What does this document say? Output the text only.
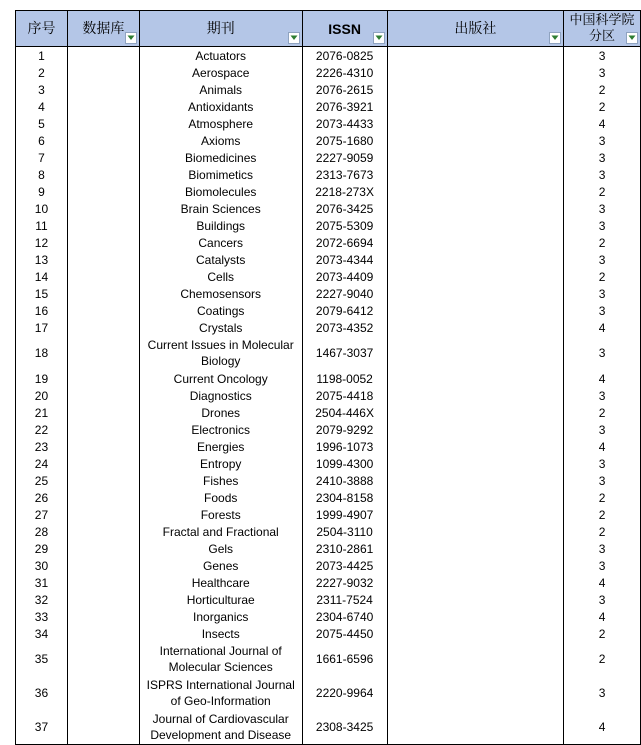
序号	数据库	期刊	ISSN	出版社	中国科学院分区

1		Actuators	2076-0825		3
2		Aerospace	2226-4310		3
3		Animals	2076-2615		2
4		Antioxidants	2076-3921		2
5		Atmosphere	2073-4433		4
6		Axioms	2075-1680		3
7		Biomedicines	2227-9059		3
8		Biomimetics	2313-7673		3
9		Biomolecules	2218-273X		2
10		Brain Sciences	2076-3425		3
11		Buildings	2075-5309		3
12		Cancers	2072-6694		2
13		Catalysts	2073-4344		3
14		Cells	2073-4409		2
15		Chemosensors	2227-9040		3
16		Coatings	2079-6412		3
17		Crystals	2073-4352		4
18		Current Issues in Molecular Biology	1467-3037		3
19		Current Oncology	1198-0052		4
20		Diagnostics	2075-4418		3
21		Drones	2504-446X		2
22		Electronics	2079-9292		3
23		Energies	1996-1073		4
24		Entropy	1099-4300		3
25		Fishes	2410-3888		3
26		Foods	2304-8158		2
27		Forests	1999-4907		2
28		Fractal and Fractional	2504-3110		2
29		Gels	2310-2861		3
30		Genes	2073-4425		3
31		Healthcare	2227-9032		4
32		Horticulturae	2311-7524		3
33		Inorganics	2304-6740		4
34		Insects	2075-4450		2
35		International Journal of Molecular Sciences	1661-6596		2
36		ISPRS International Journal of Geo-Information	2220-9964		3
37		Journal of Cardiovascular Development and Disease	2308-3425		4
